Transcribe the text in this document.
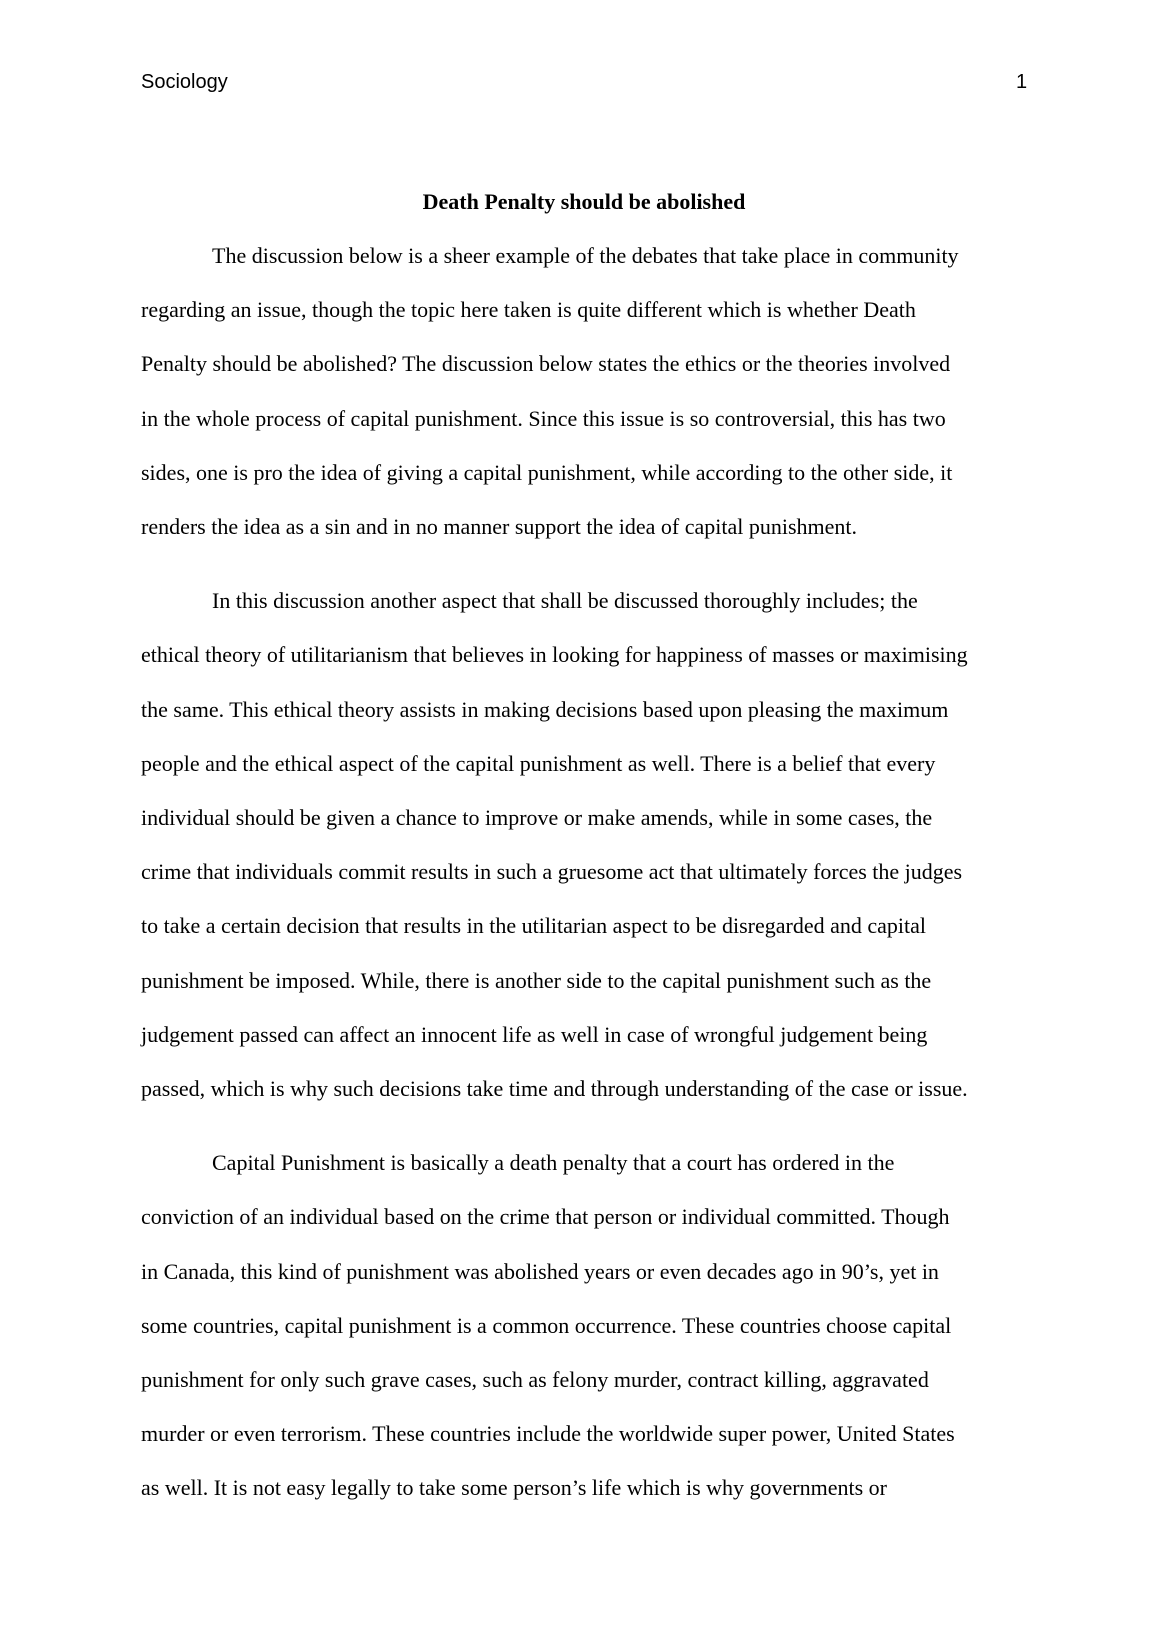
Sociology	1
Death Penalty should be abolished

The discussion below is a sheer example of the debates that take place in community
regarding an issue, though the topic here taken is quite different which is whether Death
Penalty should be abolished? The discussion below states the ethics or the theories involved
in the whole process of capital punishment. Since this issue is so controversial, this has two
sides, one is pro the idea of giving a capital punishment, while according to the other side, it
renders the idea as a sin and in no manner support the idea of capital punishment.

In this discussion another aspect that shall be discussed thoroughly includes; the
ethical theory of utilitarianism that believes in looking for happiness of masses or maximising
the same. This ethical theory assists in making decisions based upon pleasing the maximum
people and the ethical aspect of the capital punishment as well. There is a belief that every
individual should be given a chance to improve or make amends, while in some cases, the
crime that individuals commit results in such a gruesome act that ultimately forces the judges
to take a certain decision that results in the utilitarian aspect to be disregarded and capital
punishment be imposed. While, there is another side to the capital punishment such as the
judgement passed can affect an innocent life as well in case of wrongful judgement being
passed, which is why such decisions take time and through understanding of the case or issue.

Capital Punishment is basically a death penalty that a court has ordered in the
conviction of an individual based on the crime that person or individual committed. Though
in Canada, this kind of punishment was abolished years or even decades ago in 90’s, yet in
some countries, capital punishment is a common occurrence. These countries choose capital
punishment for only such grave cases, such as felony murder, contract killing, aggravated
murder or even terrorism. These countries include the worldwide super power, United States
as well. It is not easy legally to take some person’s life which is why governments or
